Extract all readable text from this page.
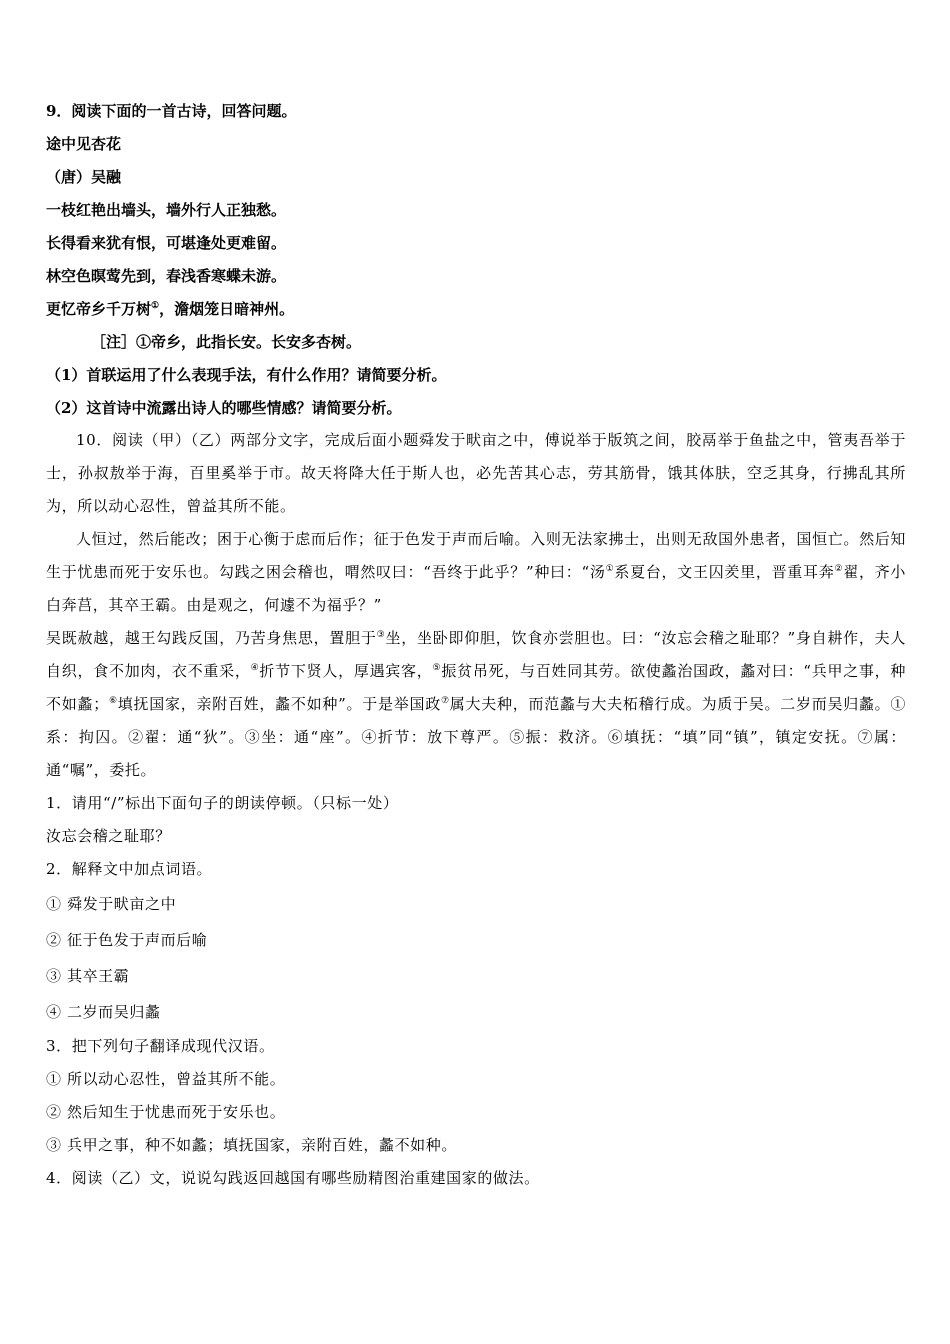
9．阅读下面的一首古诗，回答问题。
途中见杏花
（唐）吴融
一枝红艳出墙头，墙外行人正独愁。
长得看来犹有恨，可堪逢处更难留。
林空色暝莺先到，春浅香寒蝶未游。
更忆帝乡千万树①，澹烟笼日暗神州。
［注］①帝乡，此指长安。长安多杏树。
（1）首联运用了什么表现手法，有什么作用？请简要分析。
（2）这首诗中流露出诗人的哪些情感？请简要分析。
10．阅读（甲）（乙）两部分文字，完成后面小题舜发于畎亩之中，傅说举于版筑之间，胶鬲举于鱼盐之中，管夷吾举于士，孙叔敖举于海，百里奚举于市。故天将降大任于斯人也，必先苦其心志，劳其筋骨，饿其体肤，空乏其身，行拂乱其所为，所以动心忍性，曾益其所不能。
人恒过，然后能改；困于心衡于虑而后作；征于色发于声而后喻。入则无法家拂士，出则无敌国外患者，国恒亡。然后知生于忧患而死于安乐也。勾践之困会稽也，喟然叹曰：“吾终于此乎？”种曰：“汤①系夏台，文王囚羑里，晋重耳奔②翟，齐小白奔莒，其卒王霸。由是观之，何遽不为福乎？”
吴既赦越，越王勾践反国，乃苦身焦思，置胆于③坐，坐卧即仰胆，饮食亦尝胆也。曰：“汝忘会稽之耻耶？”身自耕作，夫人自织，食不加肉，衣不重采，④折节下贤人，厚遇宾客，⑤振贫吊死，与百姓同其劳。欲使蠡治国政，蠡对曰：“兵甲之事，种不如蠡；⑥填抚国家，亲附百姓，蠡不如种”。于是举国政⑦属大夫种，而范蠡与大夫柘稽行成。为质于吴。二岁而吴归蠡。①系：拘囚。②翟：通“狄”。③坐：通“座”。④折节：放下尊严。⑤振：救济。⑥填抚：“填”同“镇”，镇定安抚。⑦属：通“嘱”，委托。
1．请用“/”标出下面句子的朗读停顿。（只标一处）
汝忘会稽之耻耶？
2．解释文中加点词语。
① 舜发于畎亩之中
② 征于色发于声而后喻
③ 其卒王霸
④ 二岁而吴归蠡
3．把下列句子翻译成现代汉语。
① 所以动心忍性，曾益其所不能。
② 然后知生于忧患而死于安乐也。
③ 兵甲之事，种不如蠡；填抚国家，亲附百姓，蠡不如种。
4．阅读（乙）文，说说勾践返回越国有哪些励精图治重建国家的做法。
